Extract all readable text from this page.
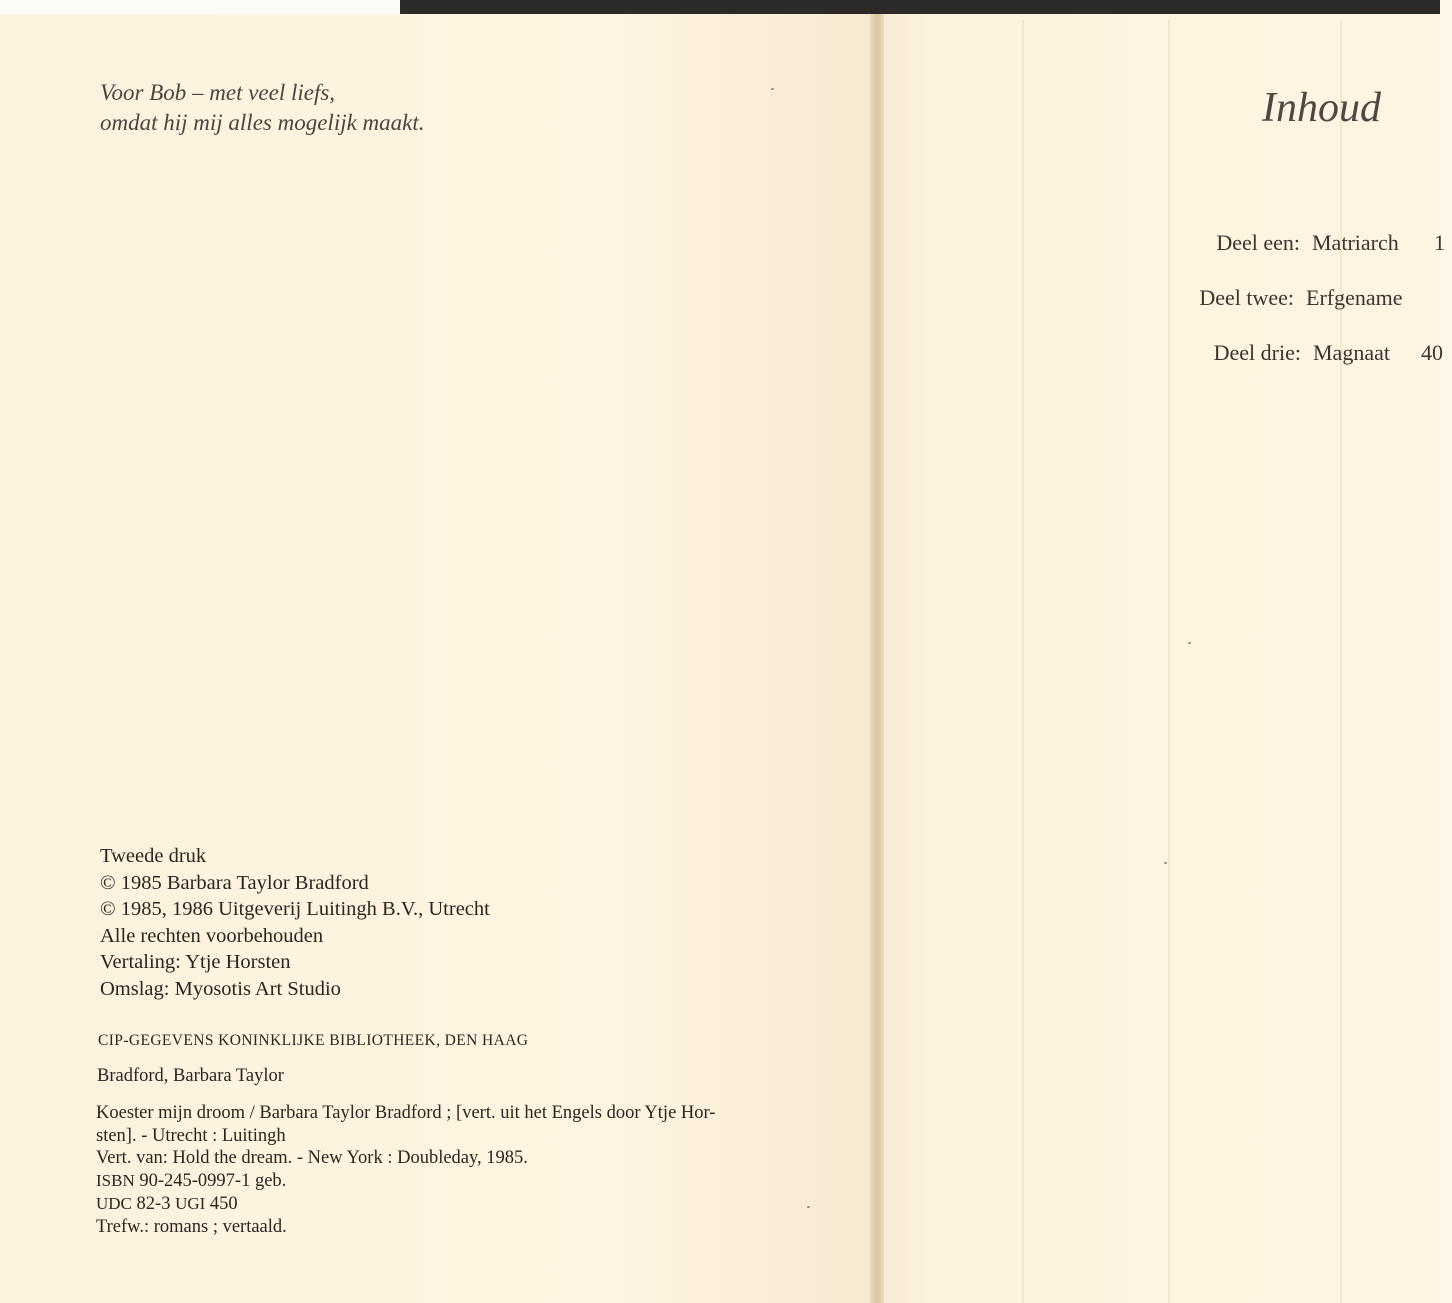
Voor Bob – met veel liefs,
omdat hij mij alles mogelijk maakt.
Tweede druk
© 1985 Barbara Taylor Bradford
© 1985, 1986 Uitgeverij Luitingh B.V., Utrecht
Alle rechten voorbehouden
Vertaling: Ytje Horsten
Omslag: Myosotis Art Studio
CIP-GEGEVENS KONINKLIJKE BIBLIOTHEEK, DEN HAAG
Bradford, Barbara Taylor
Koester mijn droom / Barbara Taylor Bradford ; [vert. uit het Engels door Ytje Hor-
sten]. - Utrecht : Luitingh
Vert. van: Hold the dream. - New York : Doubleday, 1985.
ISBN 90-245-0997-1 geb.
UDC 82-3 UGI 450
Trefw.: romans ; vertaald.
Inhoud
Deel een: Matriarch 1
Deel twee: Erfgename
Deel drie: Magnaat 40
